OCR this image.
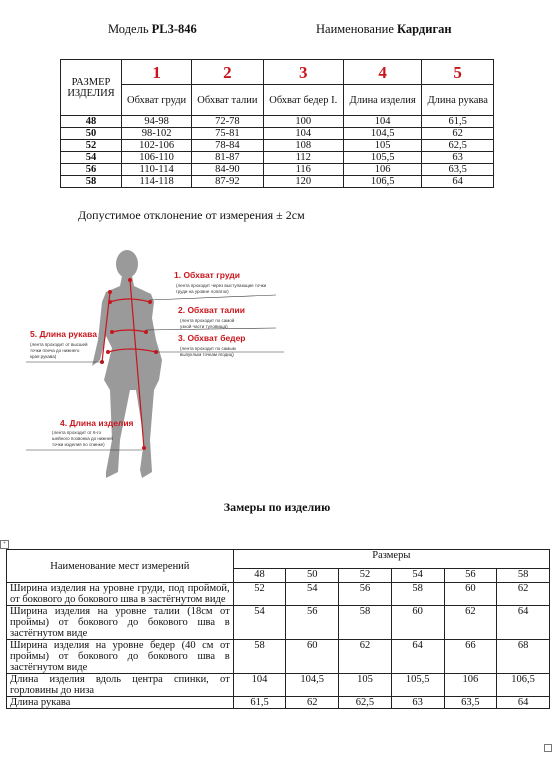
Модель PL3-846	Наименование Кардиган
РАЗМЕР ИЗДЕЛИЯ	1	2	3	4	5
	Обхват груди	Обхват талии	Обхват бедер I.	Длина изделия	Длина рукава
48	94-98	72-78	100	104	61,5
50	98-102	75-81	104	104,5	62
52	102-106	78-84	108	105	62,5
54	106-110	81-87	112	105,5	63
56	110-114	84-90	116	106	63,5
58	114-118	87-92	120	106,5	64
Допустимое отклонение от измерения ± 2см
1. Обхват груди
2. Обхват талии
3. Обхват бедер
4. Длина изделия
5. Длина рукава
(лента проходит через выступающие точки груди на уровне лопаток)
(лента проходит по самой узкой части туловища)
(лента проходит по самым выпуклым точкам ягодиц)
(лента проходит от 6-го шейного позвонка до нижней точки изделия по спинке)
(лента проходит от высшей точки плеча до нижнего края рукава)
Замеры по изделию
+
Наименование мест измерений	Размеры					
	48	50	52	54	56	58
Ширина изделия на уровне груди, под проймой, от бокового до бокового шва в застёгнутом виде	52	54	56	58	60	62
Ширина изделия на уровне талии (18см от проймы) от бокового до бокового шва в застёгнутом виде	54	56	58	60	62	64
Ширина изделия на уровне бедер (40 см от проймы) от бокового до бокового шва в застёгнутом виде	58	60	62	64	66	68
Длина изделия вдоль центра спинки, от горловины до низа	104	104,5	105	105,5	106	106,5
Длина рукава	61,5	62	62,5	63	63,5	64
